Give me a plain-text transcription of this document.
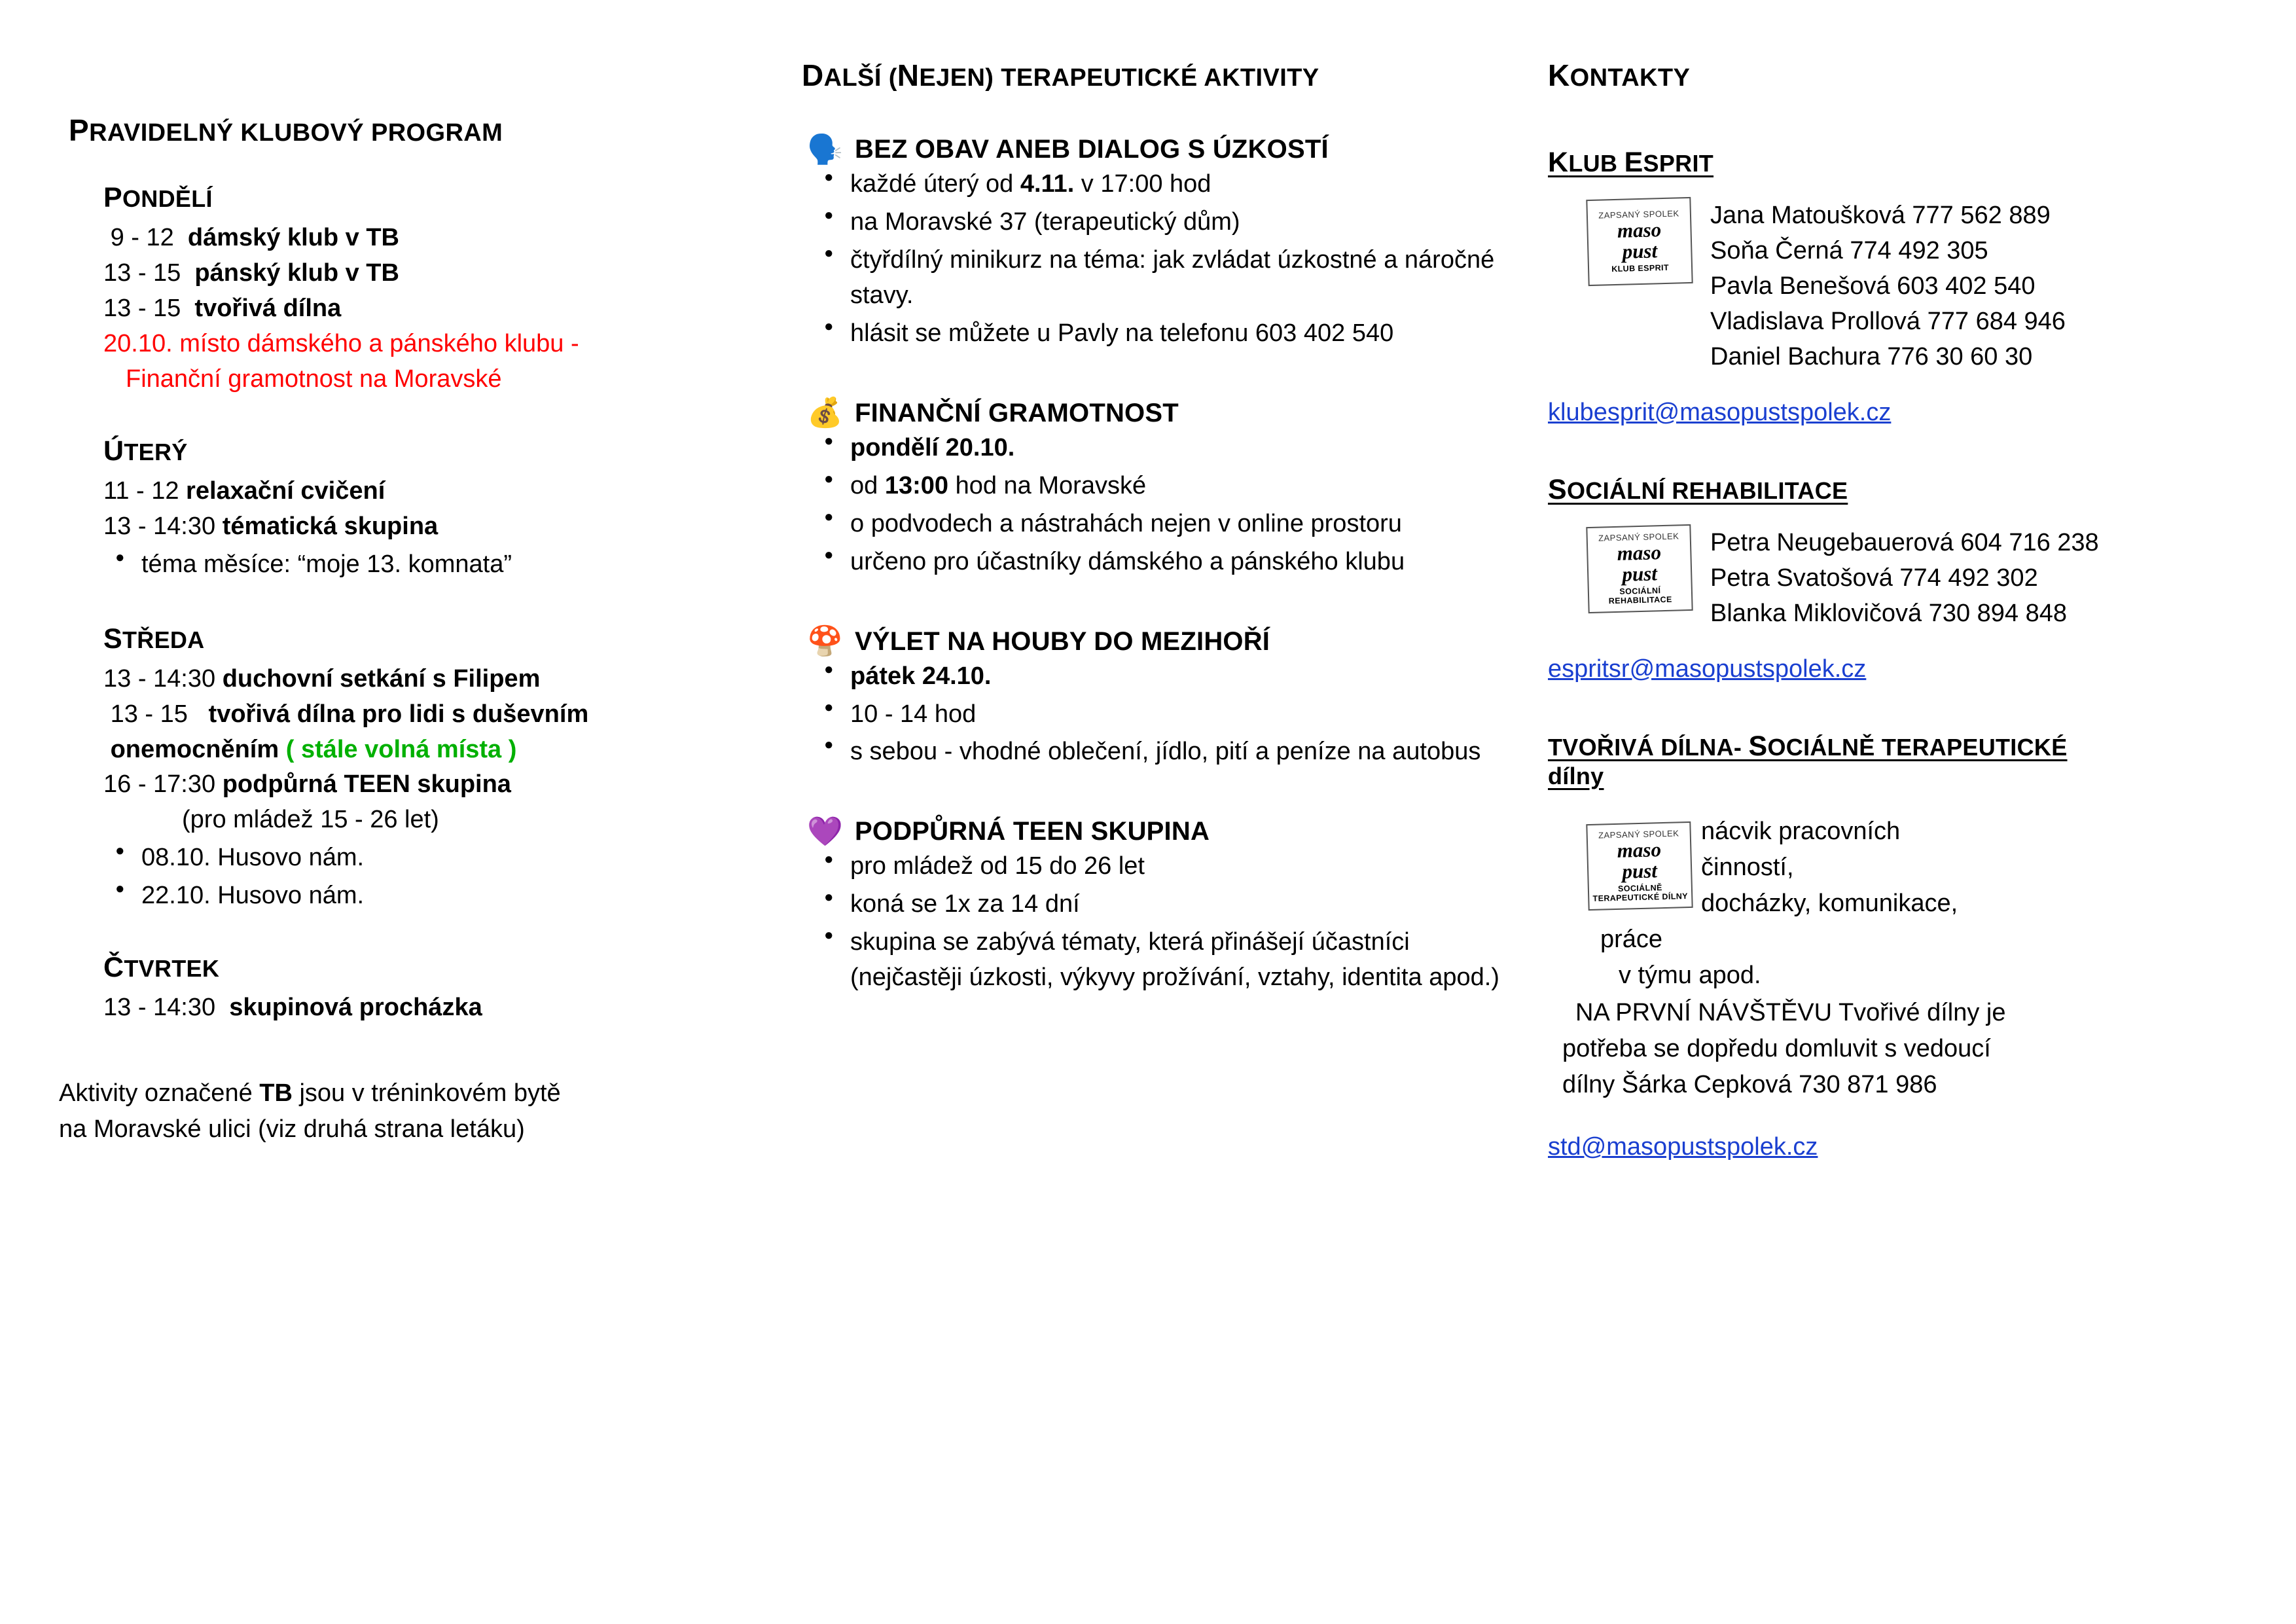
PRAVIDELNÝ KLUBOVÝ PROGRAM
PONDĚLÍ
9 - 12  dámský klub v TB
13 - 15  pánský klub v TB
13 - 15  tvořivá dílna
20.10. místo dámského a pánského klubu -
Finanční gramotnost na Moravské
ÚTERÝ
11 - 12 relaxační cvičení
13 - 14:30 tématická skupina
● téma měsíce: “moje 13. komnata”
STŘEDA
13 - 14:30 duchovní setkání s Filipem
13 - 15   tvořivá dílna pro lidi s duševním
onemocněním ( stále volná místa )
16 - 17:30 podpůrná TEEN skupina
(pro mládež 15 - 26 let)
● 08.10. Husovo nám.
● 22.10. Husovo nám.
ČTVRTEK
13 - 14:30  skupinová procházka
Aktivity označené TB jsou v tréninkovém bytě
na Moravské ulici (viz druhá strana letáku)
DALŠÍ (NEJEN) TERAPEUTICKÉ AKTIVITY
🗣️ BEZ OBAV ANEB DIALOG S ÚZKOSTÍ
● každé úterý od 4.11. v 17:00 hod
● na Moravské 37 (terapeutický dům)
● čtyřdílný minikurz na téma: jak zvládat úzkostné a náročné stavy.
● hlásit se můžete u Pavly na telefonu 603 402 540
💰 FINANČNÍ GRAMOTNOST
● pondělí 20.10.
● od 13:00 hod na Moravské
● o podvodech a nástrahách nejen v online prostoru
● určeno pro účastníky dámského a pánského klubu
🍄 VÝLET NA HOUBY DO MEZIHOŘÍ
● pátek 24.10.
● 10 - 14 hod
● s sebou - vhodné oblečení, jídlo, pití a peníze na autobus
💜 PODPŮRNÁ TEEN SKUPINA
● pro mládež od 15 do 26 let
● koná se 1x za 14 dní
● skupina se zabývá tématy, která přinášejí účastníci (nejčastěji úzkosti, výkyvy prožívání, vztahy, identita apod.)
KONTAKTY
KLUB ESPRIT
ZAPSANÝ SPOLEK
maso
pust
KLUB ESPRIT
Jana Matoušková 777 562 889
Soňa Černá 774 492 305
Pavla Benešová 603 402 540
Vladislava Prollová 777 684 946
Daniel Bachura 776 30 60 30
klubesprit@masopustspolek.cz
SOCIÁLNÍ REHABILITACE
ZAPSANÝ SPOLEK
maso
pust
SOCIÁLNÍ REHABILITACE
Petra Neugebauerová 604 716 238
Petra Svatošová 774 492 302
Blanka Miklovičová 730 894 848
espritsr@masopustspolek.cz
TVOŘIVÁ DÍLNA- SOCIÁLNĚ TERAPEUTICKÉ
dílny
ZAPSANÝ SPOLEK
maso
pust
SOCIÁLNĚ TERAPEUTICKÉ DÍLNY
nácvik pracovních
činností,
docházky, komunikace,
práce
v týmu apod.
NA PRVNÍ NÁVŠTĚVU Tvořivé dílny je
potřeba se dopředu domluvit s vedoucí
dílny Šárka Cepková 730 871 986
std@masopustspolek.cz
